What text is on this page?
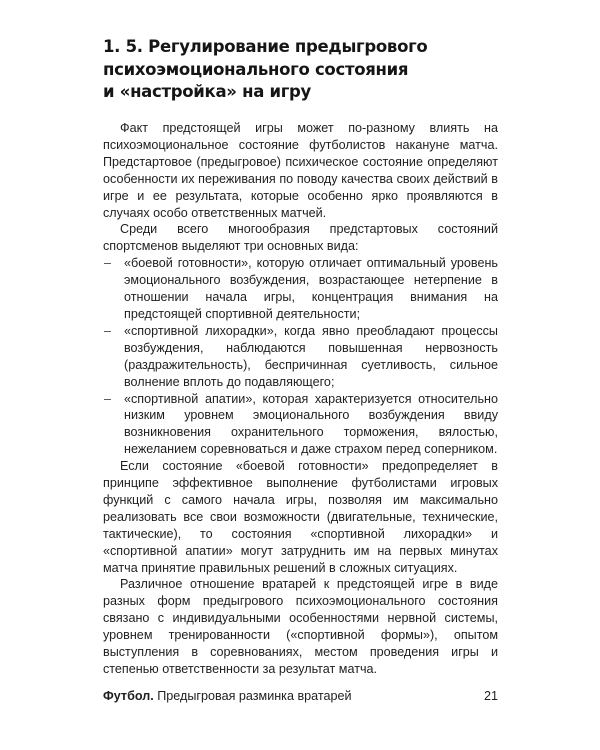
1. 5. Регулирование предыгрового
психоэмоционального состояния
и «настройка» на игру

Факт предстоящей игры может по-разному влиять на психоэмоциональное состояние футболистов накануне матча. Предстартовое (предыгровое) психическое состояние определяют особенности их переживания по поводу качества своих действий в игре и ее результата, которые особенно ярко проявляются в случаях особо ответственных матчей.

Среди всего многообразия предстартовых состояний спортсменов выделяют три основных вида:

– «боевой готовности», которую отличает оптимальный уровень эмоционального возбуждения, возрастающее нетерпение в отношении начала игры, концентрация внимания на предстоящей спортивной деятельности;
– «спортивной лихорадки», когда явно преобладают процессы возбуждения, наблюдаются повышенная нервозность (раздражительность), беспричинная суетливость, сильное волнение вплоть до подавляющего;
– «спортивной апатии», которая характеризуется относительно низким уровнем эмоционального возбуждения ввиду возникновения охранительного торможения, вялостью, нежеланием соревноваться и даже страхом перед соперником.

Если состояние «боевой готовности» предопределяет в принципе эффективное выполнение футболистами игровых функций с самого начала игры, позволяя им максимально реализовать все свои возможности (двигательные, технические, тактические), то состояния «спортивной лихорадки» и «спортивной апатии» могут затруднить им на первых минутах матча принятие правильных решений в сложных ситуациях.

Различное отношение вратарей к предстоящей игре в виде разных форм предыгрового психоэмоционального состояния связано с индивидуальными особенностями нервной системы, уровнем тренированности («спортивной формы»), опытом выступления в соревнованиях, местом проведения игры и степенью ответственности за результат матча.

Футбол. Предыгровая разминка вратарей	21
